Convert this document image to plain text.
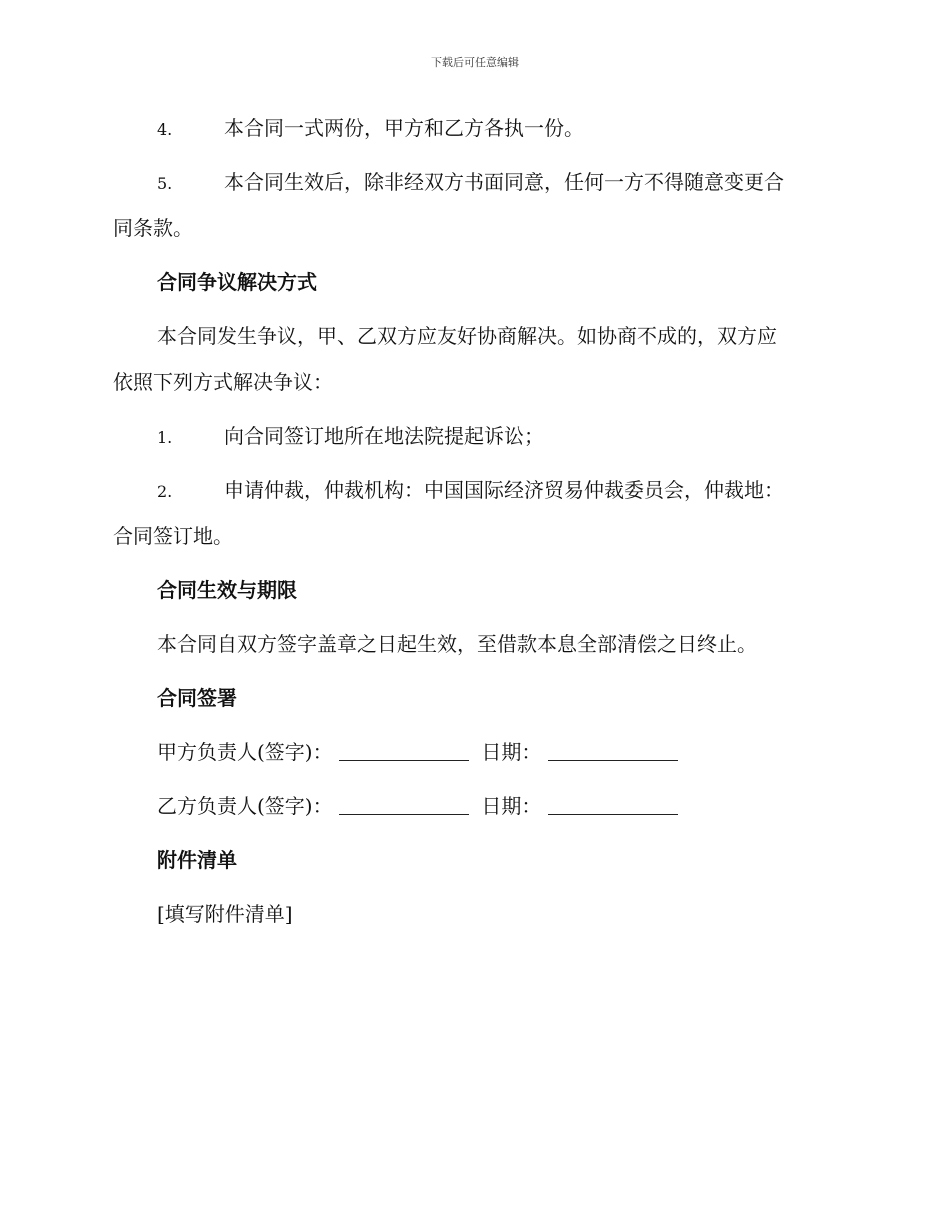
下载后可任意编辑
4.	本合同一式两份，甲方和乙方各执一份。
5.	本合同生效后，除非经双方书面同意，任何一方不得随意变更合
同条款。
合同争议解决方式
本合同发生争议，甲、乙双方应友好协商解决。如协商不成的，双方应
依照下列方式解决争议：
1.	向合同签订地所在地法院提起诉讼；
2.	申请仲裁，仲裁机构：中国国际经济贸易仲裁委员会，仲裁地：
合同签订地。
合同生效与期限
本合同自双方签字盖章之日起生效，至借款本息全部清偿之日终止。
合同签署
甲方负责人(签字)：	日期：
乙方负责人(签字)：	日期：
附件清单
[填写附件清单]
